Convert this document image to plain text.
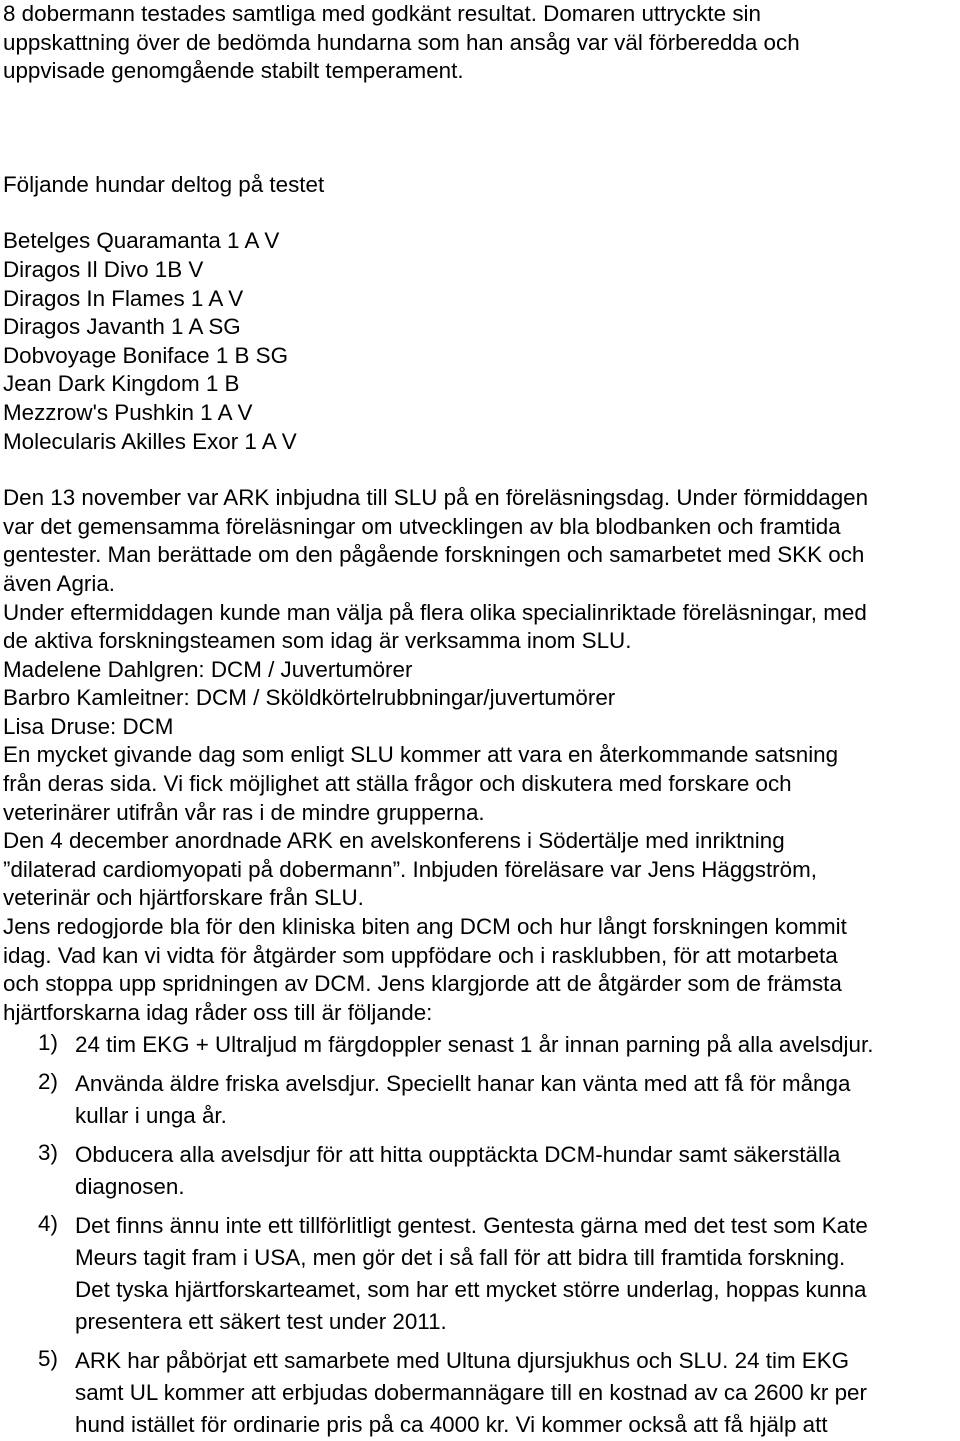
8 dobermann testades samtliga med godkänt resultat. Domaren uttryckte sin
uppskattning över de bedömda hundarna som han ansåg var väl förberedda och
uppvisade genomgående stabilt temperament.
Följande hundar deltog på testet
Betelges Quaramanta 1 A V
Diragos Il Divo 1B V
Diragos In Flames 1 A V
Diragos Javanth 1 A SG
Dobvoyage Boniface 1 B SG
Jean Dark Kingdom 1 B
Mezzrow's Pushkin 1 A V
Molecularis Akilles Exor 1 A V
Den 13 november var ARK inbjudna till SLU på en föreläsningsdag. Under förmiddagen
var det gemensamma föreläsningar om utvecklingen av bla blodbanken och framtida
gentester. Man berättade om den pågående forskningen och samarbetet med SKK och
även Agria.
Under eftermiddagen kunde man välja på flera olika specialinriktade föreläsningar, med
de aktiva forskningsteamen som idag är verksamma inom SLU.
Madelene Dahlgren: DCM / Juvertumörer
Barbro Kamleitner: DCM / Sköldkörtelrubbningar/juvertumörer
Lisa Druse: DCM
En mycket givande dag som enligt SLU kommer att vara en återkommande satsning
från deras sida. Vi fick möjlighet att ställa frågor och diskutera med forskare och
veterinärer utifrån vår ras i de mindre grupperna.
Den 4 december anordnade ARK en avelskonferens i Södertälje med inriktning
”dilaterad cardiomyopati på dobermann”. Inbjuden föreläsare var Jens Häggström,
veterinär och hjärtforskare från SLU.
Jens redogjorde bla för den kliniska biten ang DCM och hur långt forskningen kommit
idag. Vad kan vi vidta för åtgärder som uppfödare och i rasklubben, för att motarbeta
och stoppa upp spridningen av DCM. Jens klargjorde att de åtgärder som de främsta
hjärtforskarna idag råder oss till är följande:
1) 24 tim EKG + Ultraljud m färgdoppler senast 1 år innan parning på alla avelsdjur.
2) Använda äldre friska avelsdjur. Speciellt hanar kan vänta med att få för många
kullar i unga år.
3) Obducera alla avelsdjur för att hitta oupptäckta DCM-hundar samt säkerställa
diagnosen.
4) Det finns ännu inte ett tillförlitligt gentest. Gentesta gärna med det test som Kate
Meurs tagit fram i USA, men gör det i så fall för att bidra till framtida forskning.
Det tyska hjärtforskarteamet, som har ett mycket större underlag, hoppas kunna
presentera ett säkert test under 2011.
5) ARK har påbörjat ett samarbete med Ultuna djursjukhus och SLU. 24 tim EKG
samt UL kommer att erbjudas dobermannägare till en kostnad av ca 2600 kr per
hund istället för ordinarie pris på ca 4000 kr. Vi kommer också att få hjälp att
